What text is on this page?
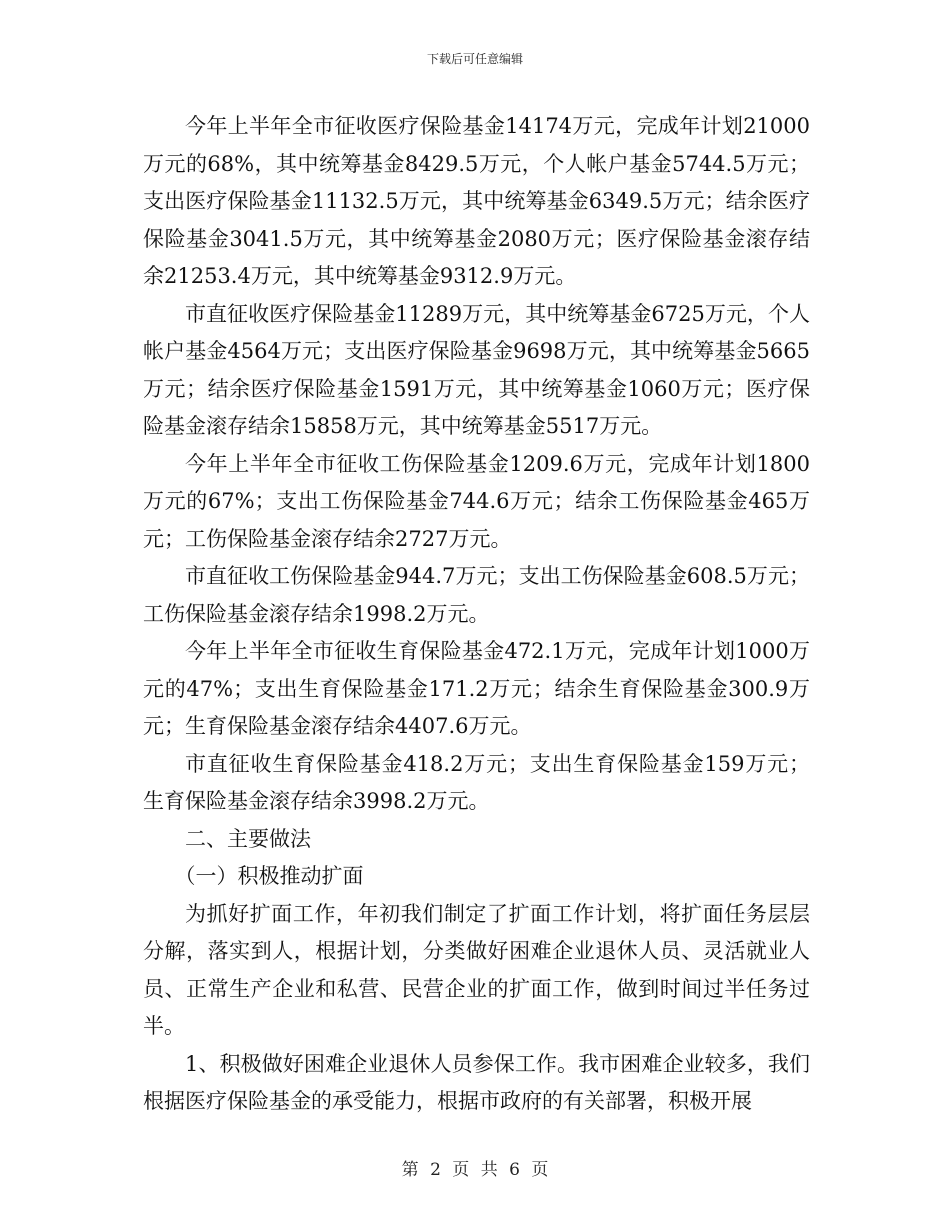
下载后可任意编辑

今年上半年全市征收医疗保险基金14174万元，完成年计划21000万元的68%，其中统筹基金8429.5万元，个人帐户基金5744.5万元；支出医疗保险基金11132.5万元，其中统筹基金6349.5万元；结余医疗保险基金3041.5万元，其中统筹基金2080万元；医疗保险基金滚存结余21253.4万元，其中统筹基金9312.9万元。

市直征收医疗保险基金11289万元，其中统筹基金6725万元，个人帐户基金4564万元；支出医疗保险基金9698万元，其中统筹基金5665万元；结余医疗保险基金1591万元，其中统筹基金1060万元；医疗保险基金滚存结余15858万元，其中统筹基金5517万元。

今年上半年全市征收工伤保险基金1209.6万元，完成年计划1800万元的67%；支出工伤保险基金744.6万元；结余工伤保险基金465万元；工伤保险基金滚存结余2727万元。

市直征收工伤保险基金944.7万元；支出工伤保险基金608.5万元；工伤保险基金滚存结余1998.2万元。

今年上半年全市征收生育保险基金472.1万元，完成年计划1000万元的47%；支出生育保险基金171.2万元；结余生育保险基金300.9万元；生育保险基金滚存结余4407.6万元。

市直征收生育保险基金418.2万元；支出生育保险基金159万元；生育保险基金滚存结余3998.2万元。

二、主要做法

（一）积极推动扩面

为抓好扩面工作，年初我们制定了扩面工作计划，将扩面任务层层分解，落实到人，根据计划，分类做好困难企业退休人员、灵活就业人员、正常生产企业和私营、民营企业的扩面工作，做到时间过半任务过半。

1、积极做好困难企业退休人员参保工作。我市困难企业较多，我们根据医疗保险基金的承受能力，根据市政府的有关部署，积极开展

第 2 页 共 6 页
